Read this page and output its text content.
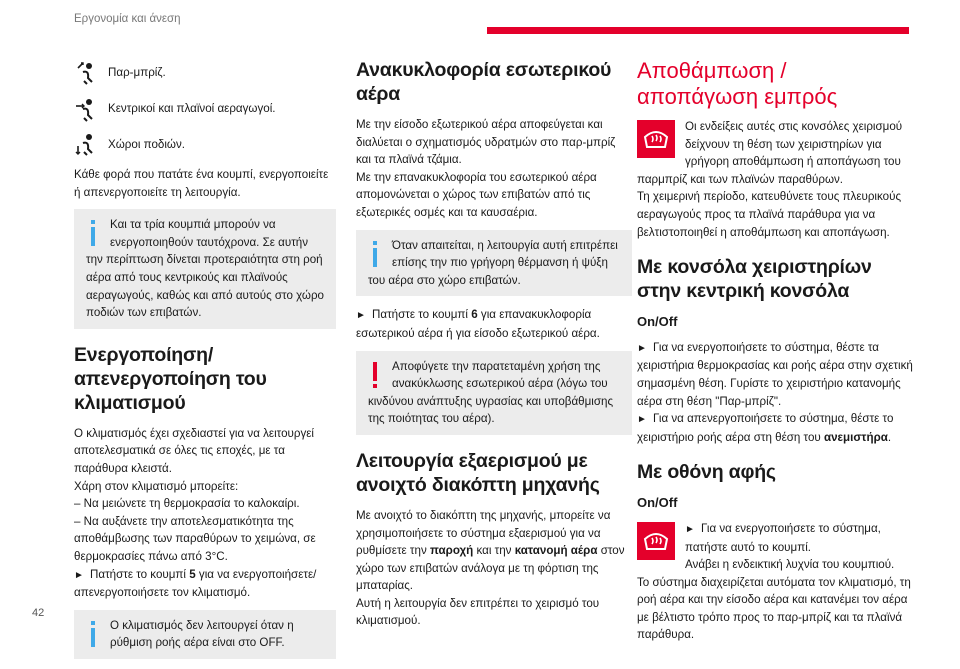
Εργονομία και άνεση
42
Παρ-μπρίζ.
Κεντρικοί και πλαϊνοί αεραγωγοί.
Χώροι ποδιών.

Κάθε φορά που πατάτε ένα κουμπί, ενεργοποιείτε ή απενεργοποιείτε τη λειτουργία.

Και τα τρία κουμπιά μπορούν να ενεργοποιηθούν ταυτόχρονα. Σε αυτήν την περίπτωση δίνεται προτεραιότητα στη ροή αέρα από τους κεντρικούς και πλαϊνούς αεραγωγούς, καθώς και από αυτούς στο χώρο ποδιών των επιβατών.

Ενεργοποίηση/απενεργοποίηση του κλιματισμού

Ο κλιματισμός έχει σχεδιαστεί για να λειτουργεί αποτελεσματικά σε όλες τις εποχές, με τα παράθυρα κλειστά.

Χάρη στον κλιματισμό μπορείτε:

– Να μειώνετε τη θερμοκρασία το καλοκαίρι.

– Να αυξάνετε την αποτελεσματικότητα της αποθάμβωσης των παραθύρων το χειμώνα, σε θερμοκρασίες πάνω από 3°C.

► Πατήστε το κουμπί 5 για να ενεργοποιήσετε/απενεργοποιήσετε τον κλιματισμό.

Ο κλιματισμός δεν λειτουργεί όταν η ρύθμιση ροής αέρα είναι στο OFF.

Ανακυκλοφορία εσωτερικού αέρα

Με την είσοδο εξωτερικού αέρα αποφεύγεται και διαλύεται ο σχηματισμός υδρατμών στο παρ-μπρίζ και τα πλαϊνά τζάμια.

Με την επανακυκλοφορία του εσωτερικού αέρα απομονώνεται ο χώρος των επιβατών από τις εξωτερικές οσμές και τα καυσαέρια.

Όταν απαιτείται, η λειτουργία αυτή επιτρέπει επίσης την πιο γρήγορη θέρμανση ή ψύξη του αέρα στο χώρο επιβατών.

► Πατήστε το κουμπί 6 για επανακυκλοφορία εσωτερικού αέρα ή για είσοδο εξωτερικού αέρα.

Αποφύγετε την παρατεταμένη χρήση της ανακύκλωσης εσωτερικού αέρα (λόγω του κινδύνου ανάπτυξης υγρασίας και υποβάθμισης της ποιότητας του αέρα).

Λειτουργία εξαερισμού με ανοιχτό διακόπτη μηχανής

Με ανοιχτό το διακόπτη της μηχανής, μπορείτε να χρησιμοποιήσετε το σύστημα εξαερισμού για να ρυθμίσετε την παροχή και την κατανομή αέρα στον χώρο των επιβατών ανάλογα με τη φόρτιση της μπαταρίας.

Αυτή η λειτουργία δεν επιτρέπει το χειρισμό του κλιματισμού.

Αποθάμπωση / αποπάγωση εμπρός

Οι ενδείξεις αυτές στις κονσόλες χειρισμού δείχνουν τη θέση των χειριστηρίων για γρήγορη αποθάμπωση ή αποπάγωση του παρμπρίζ και των πλαϊνών παραθύρων.

Τη χειμερινή περίοδο, κατευθύνετε τους πλευρικούς αεραγωγούς προς τα πλαϊνά παράθυρα για να βελτιστοποιηθεί η αποθάμπωση και αποπάγωση.

Με κονσόλα χειριστηρίων στην κεντρική κονσόλα
On/Off

► Για να ενεργοποιήσετε το σύστημα, θέστε τα χειριστήρια θερμοκρασίας και ροής αέρα στην σχετική σημασμένη θέση. Γυρίστε το χειριστήριο κατανομής αέρα στη θέση "Παρ-μπρίζ".

► Για να απενεργοποιήσετε το σύστημα, θέστε το χειριστήριο ροής αέρα στη θέση του ανεμιστήρα.

Με οθόνη αφής
On/Off

► Για να ενεργοποιήσετε το σύστημα, πατήστε αυτό το κουμπί.

Ανάβει η ενδεικτική λυχνία του κουμπιού.

Το σύστημα διαχειρίζεται αυτόματα τον κλιματισμό, τη ροή αέρα και την είσοδο αέρα και κατανέμει τον αέρα με βέλτιστο τρόπο προς το παρ-μπρίζ και τα πλαϊνά παράθυρα.
